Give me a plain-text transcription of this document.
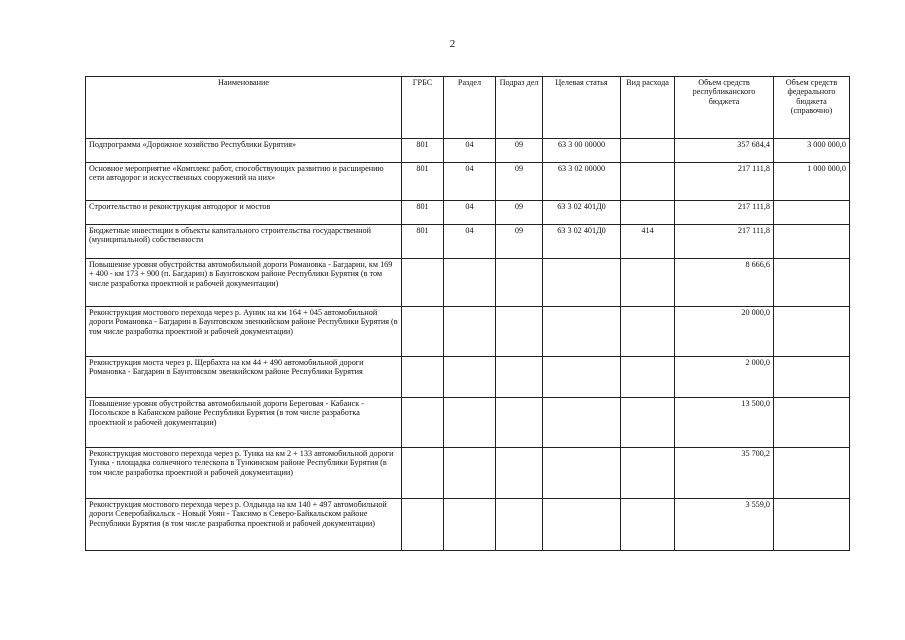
2
Наименование	ГРБС	Раздел	Подраз дел	Целевая статья	Вид расхода	Объем средств республиканского бюджета	Объем средств федерального бюджета (справочно)
Подпрограмма «Дорожное хозяйство Республики Бурятия»	801	04	09	63 3 00 00000		357 684,4	3 000 000,0
Основное мероприятие «Комплекс работ, способствующих развитию и расширению сети автодорог и искусственных сооружений на них»	801	04	09	63 3 02 00000		217 111,8	1 000 000,0
Строительство и реконструкция автодорог и мостов	801	04	09	63 3 02 401Д0		217 111,8	
Бюджетные инвестиции в объекты капитального строительства государственной (муниципальной) собственности	801	04	09	63 3 02 401Д0	414	217 111,8	
Повышение уровня обустройства автомобильной дороги Романовка - Багдарин, км 169 + 400 - км 173 + 900 (п. Багдарин) в Баунтовском районе Республики Бурятия (в том числе разработка проектной и рабочей документации)						8 666,6	
Реконструкция мостового перехода через р. Ауник на км 164 + 045 автомобильной дороги Романовка - Багдарин в Баунтовском эвенкийском районе Республики Бурятия (в том числе разработка проектной и рабочей документации)						20 000,0	
Реконструкция моста через р. Щербахта на км 44 + 490 автомобильной дороги Романовка - Багдарин в Баунтовском эвенкийском районе Республики Бурятия						2 000,0	
Повышение уровня обустройства автомобильной дороги Береговая - Кабанск - Посольское в Кабанском районе Республики Бурятия (в том числе разработка проектной и рабочей документации)						13 500,0	
Реконструкция мостового перехода через р. Тунка на км 2 + 133 автомобильной дороги Тунка - площадка солнечного телескопа в Тункинском районе Республики Бурятия (в том числе разработка проектной и рабочей документации)						35 700,2	
Реконструкция мостового перехода через р. Олдында на км 140 + 497 автомобильной дороги Северобайкальск - Новый Уоян - Таксимо в Северо-Байкальском районе Республики Бурятия (в том числе разработка проектной и рабочей документации)						3 559,0	
